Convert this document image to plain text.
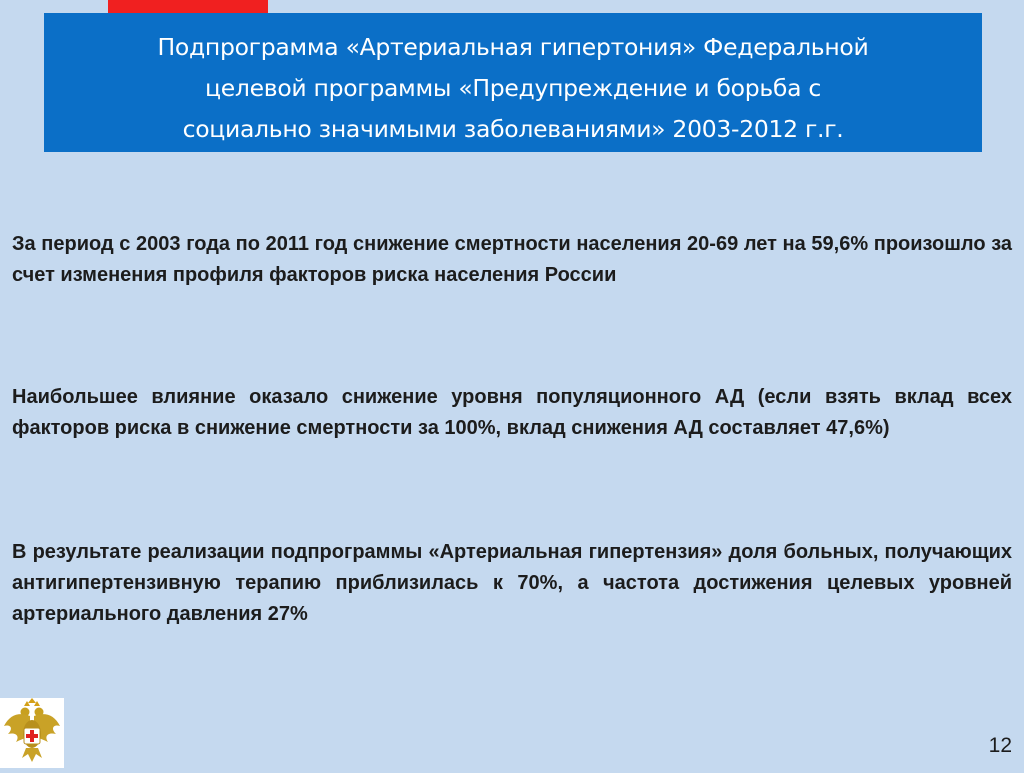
Подпрограмма «Артериальная гипертония» Федеральной
целевой программы «Предупреждение и борьба с
социально значимыми заболеваниями» 2003-2012 г.г.

За период с 2003 года по 2011 год снижение смертности населения 20-69 лет на 59,6% произошло за счет изменения профиля факторов риска населения России

Наибольшее влияние оказало снижение уровня популяционного АД (если взять вклад всех факторов риска в снижение смертности за 100%, вклад снижения АД составляет 47,6%)

В результате реализации подпрограммы «Артериальная гипертензия» доля больных, получающих антигипертензивную терапию приблизилась к 70%, а частота достижения целевых уровней артериального давления 27%

12
